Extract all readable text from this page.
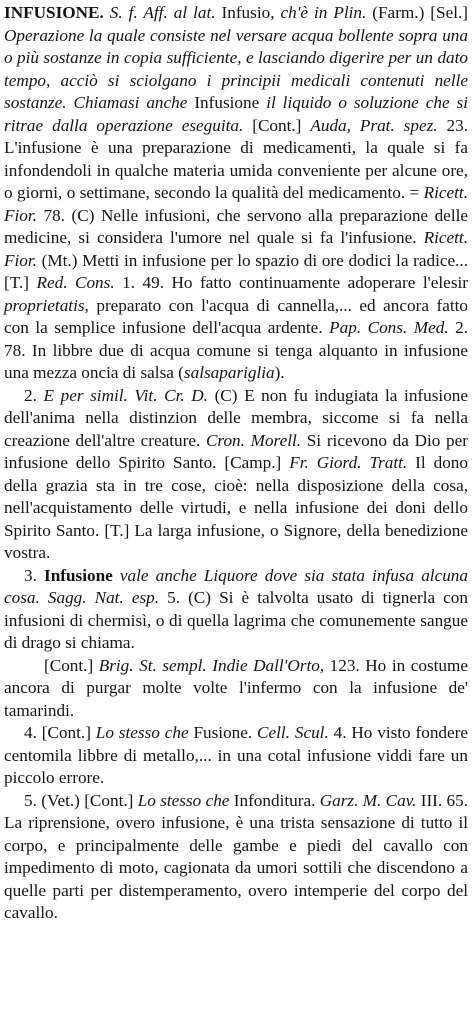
INFUSIONE. S. f. Aff. al lat. Infusio, ch'è in Plin. (Farm.) [Sel.] Operazione la quale consiste nel versare acqua bollente sopra una o più sostanze in copia sufficiente, e lasciando digerire per un dato tempo, acciò si sciolgano i principii medicali contenuti nelle sostanze. Chiamasi anche Infusione il liquido o soluzione che si ritrae dalla operazione eseguita. [Cont.] Auda, Prat. spez. 23. L'infusione è una preparazione di medicamenti, la quale si fa infondendoli in qualche materia umida conveniente per alcune ore, o giorni, o settimane, secondo la qualità del medicamento. = Ricett. Fior. 78. (C) Nelle infusioni, che servono alla preparazione delle medicine, si considera l'umore nel quale si fa l'infusione. Ricett. Fior. (Mt.) Metti in infusione per lo spazio di ore dodici la radice... [T.] Red. Cons. 1. 49. Ho fatto continuamente adoperare l'elesir proprietatis, preparato con l'acqua di cannella,... ed ancora fatto con la semplice infusione dell'acqua ardente. Pap. Cons. Med. 2. 78. In libbre due di acqua comune si tenga alquanto in infusione una mezza oncia di salsa (salsapariglia).

2. E per simil. Vit. Cr. D. (C) E non fu indugiata la infusione dell'anima nella distinzion delle membra, siccome si fa nella creazione dell'altre creature. Cron. Morell. Si ricevono da Dio per infusione dello Spirito Santo. [Camp.] Fr. Giord. Tratt. Il dono della grazia sta in tre cose, cioè: nella disposizione della cosa, nell'acquistamento delle virtudi, e nella infusione dei doni dello Spirito Santo. [T.] La larga infusione, o Signore, della benedizione vostra.

3. Infusione vale anche Liquore dove sia stata infusa alcuna cosa. Sagg. Nat. esp. 5. (C) Si è talvolta usato di tignerla con infusioni di chermisì, o di quella lagrima che comunemente sangue di drago si chiama.

[Cont.] Brig. St. sempl. Indie Dall'Orto, 123. Ho in costume ancora di purgar molte volte l'infermo con la infusione de' tamarindi.

4. [Cont.] Lo stesso che Fusione. Cell. Scul. 4. Ho visto fondere centomila libbre di metallo,... in una cotal infusione viddi fare un piccolo errore.

5. (Vet.) [Cont.] Lo stesso che Infonditura. Garz. M. Cav. III. 65. La riprensione, overo infusione, è una trista sensazione di tutto il corpo, e principalmente delle gambe e piedi del cavallo con impedimento di moto, cagionata da umori sottili che discendono a quelle parti per distemperamento, overo intemperie del corpo del cavallo.
